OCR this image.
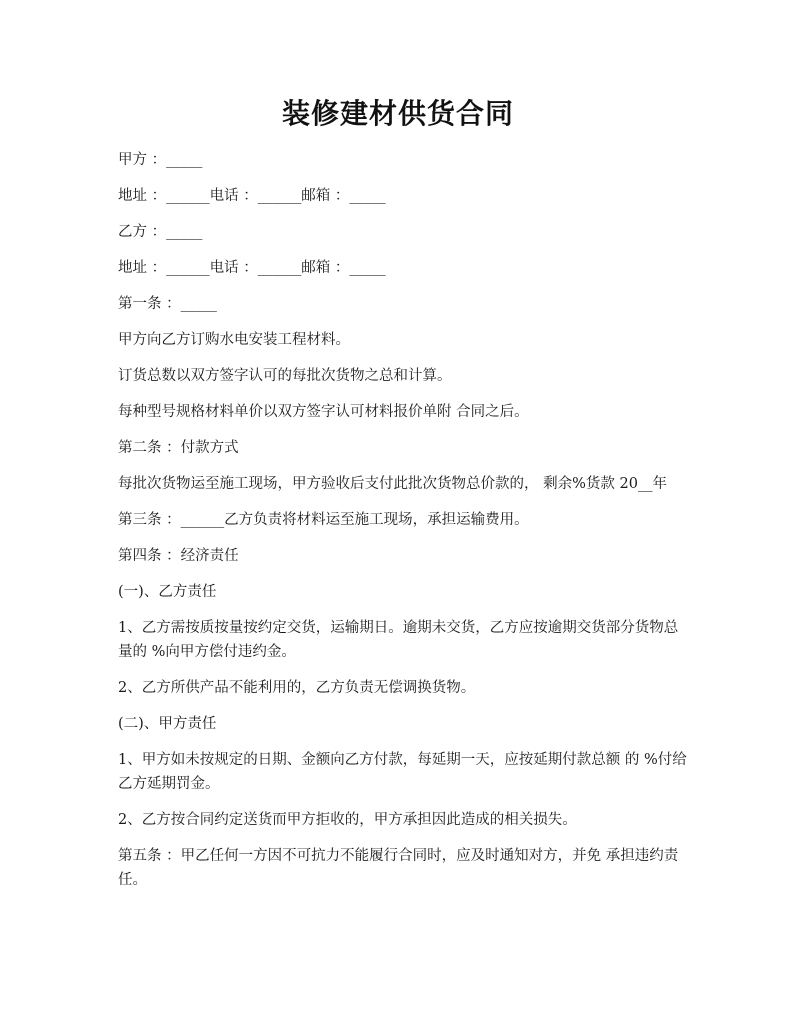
装修建材供货合同

甲方 ：_____

地址 ：______电话 ：______邮箱 ：_____

乙方 ：_____

地址 ：______电话 ：______邮箱 ：_____

第一条 ：_____

甲方向乙方订购水电安装工程材料。

订货总数以双方签字认可的每批次货物之总和计算。

每种型号规格材料单价以双方签字认可材料报价单附 合同之后。

第二条 ：付款方式

每批次货物运至施工现场，甲方验收后支付此批次货物总价款的， 剩余%货款 20__年

第三条 ：______乙方负责将材料运至施工现场，承担运输费用。

第四条 ：经济责任

(一)、乙方责任

1、乙方需按质按量按约定交货，运输期日。逾期未交货，乙方应按逾期交货部分货物总量的 %向甲方偿付违约金。

2、乙方所供产品不能利用的，乙方负责无偿调换货物。

(二)、甲方责任

1、甲方如未按规定的日期、金额向乙方付款，每延期一天，应按延期付款总额 的 %付给乙方延期罚金。

2、乙方按合同约定送货而甲方拒收的，甲方承担因此造成的相关损失。

第五条 ：甲乙任何一方因不可抗力不能履行合同时，应及时通知对方，并免 承担违约责任。
